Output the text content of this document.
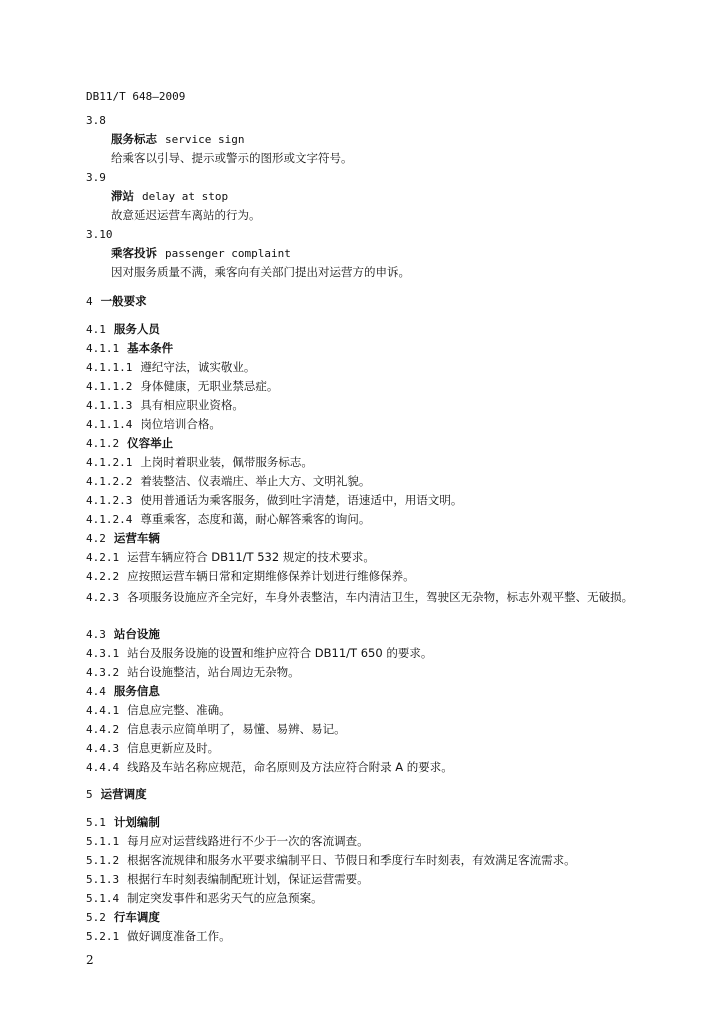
DB11/T 648—2009
3.8
服务标志 service sign
给乘客以引导、提示或警示的图形或文字符号。
3.9
滞站 delay at stop
故意延迟运营车离站的行为。
3.10
乘客投诉 passenger complaint
因对服务质量不满，乘客向有关部门提出对运营方的申诉。
4 一般要求
4.1 服务人员
4.1.1 基本条件
4.1.1.1 遵纪守法，诚实敬业。
4.1.1.2 身体健康，无职业禁忌症。
4.1.1.3 具有相应职业资格。
4.1.1.4 岗位培训合格。
4.1.2 仪容举止
4.1.2.1 上岗时着职业装，佩带服务标志。
4.1.2.2 着装整洁、仪表端庄、举止大方、文明礼貌。
4.1.2.3 使用普通话为乘客服务，做到吐字清楚，语速适中，用语文明。
4.1.2.4 尊重乘客，态度和蔼，耐心解答乘客的询问。
4.2 运营车辆
4.2.1 运营车辆应符合 DB11/T 532 规定的技术要求。
4.2.2 应按照运营车辆日常和定期维修保养计划进行维修保养。
4.2.3 各项服务设施应齐全完好，车身外表整洁，车内清洁卫生，驾驶区无杂物，标志外观平整、无破损。
4.3 站台设施
4.3.1 站台及服务设施的设置和维护应符合 DB11/T 650 的要求。
4.3.2 站台设施整洁，站台周边无杂物。
4.4 服务信息
4.4.1 信息应完整、准确。
4.4.2 信息表示应简单明了，易懂、易辨、易记。
4.4.3 信息更新应及时。
4.4.4 线路及车站名称应规范，命名原则及方法应符合附录 A 的要求。
5 运营调度
5.1 计划编制
5.1.1 每月应对运营线路进行不少于一次的客流调查。
5.1.2 根据客流规律和服务水平要求编制平日、节假日和季度行车时刻表，有效满足客流需求。
5.1.3 根据行车时刻表编制配班计划，保证运营需要。
5.1.4 制定突发事件和恶劣天气的应急预案。
5.2 行车调度
5.2.1 做好调度准备工作。
2
